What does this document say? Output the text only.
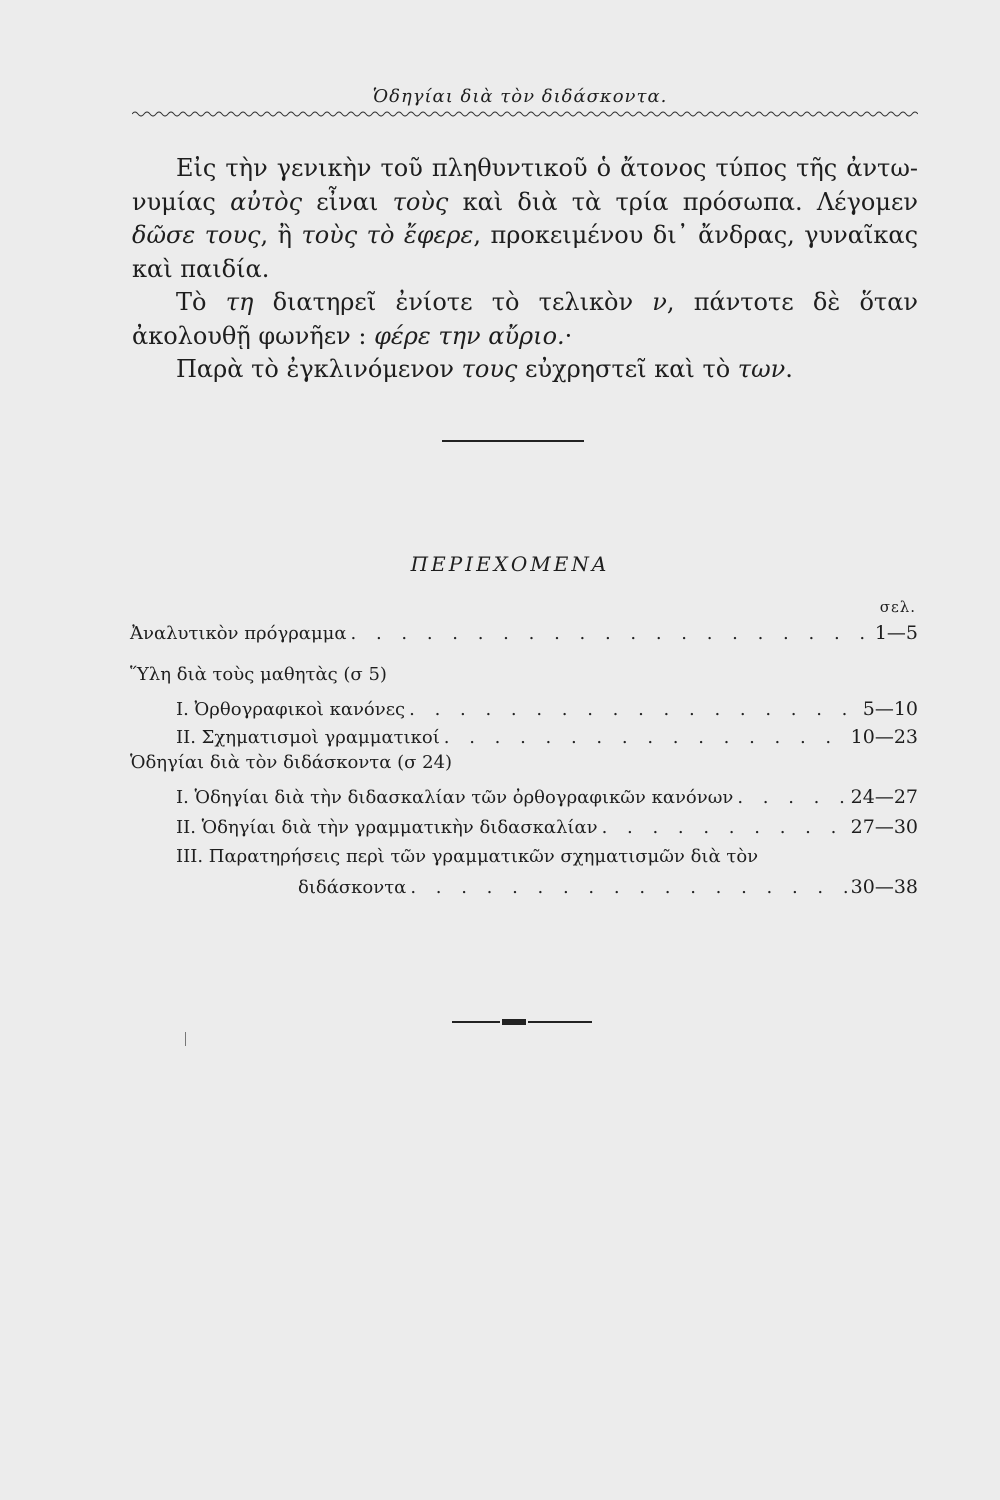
Ὁδηγίαι διὰ τὸν διδάσκοντα.

Εἰς τὴν γενικὴν τοῦ πληθυντικοῦ ὁ ἄτονος τύπος τῆς ἀντω- νυμίας αὐτὸς εἶναι τοὺς καὶ διὰ τὰ τρία πρόσωπα. Λέγομεν δῶσε τους, ἢ τοὺς τὸ ἔφερε, προκειμένου δι᾽ ἄνδρας, γυναῖκας καὶ παιδία.

Τὸ τη διατηρεῖ ἐνίοτε τὸ τελικὸν ν, πάντοτε δὲ ὅταν ἀκολουθῇ φωνῆεν : φέρε την αὔριο.·

Παρὰ τὸ ἐγκλινόμενον τους εὐχρηστεῖ καὶ τὸ των.

ΠΕΡΙΕΧΟΜΕΝΑ
σελ.
Ἀναλυτικὸν πρόγραμμα . . .	1—5
Ὕλη διὰ τοὺς μαθητὰς (σ 5)
I. Ὀρθογραφικοὶ κανόνες . . .	5—10
II. Σχηματισμοὶ γραμματικοί . . .	10—23
Ὁδηγίαι διὰ τὸν διδάσκοντα (σ 24)
I. Ὁδηγίαι διὰ τὴν διδασκαλίαν τῶν ὀρθογραφικῶν κανόνων . . .	24—27
II. Ὁδηγίαι διὰ τὴν γραμματικὴν διδασκαλίαν . . .	27—30
III. Παρατηρήσεις περὶ τῶν γραμματικῶν σχηματισμῶν διὰ τὸν
διδάσκοντα . . .	30—38
